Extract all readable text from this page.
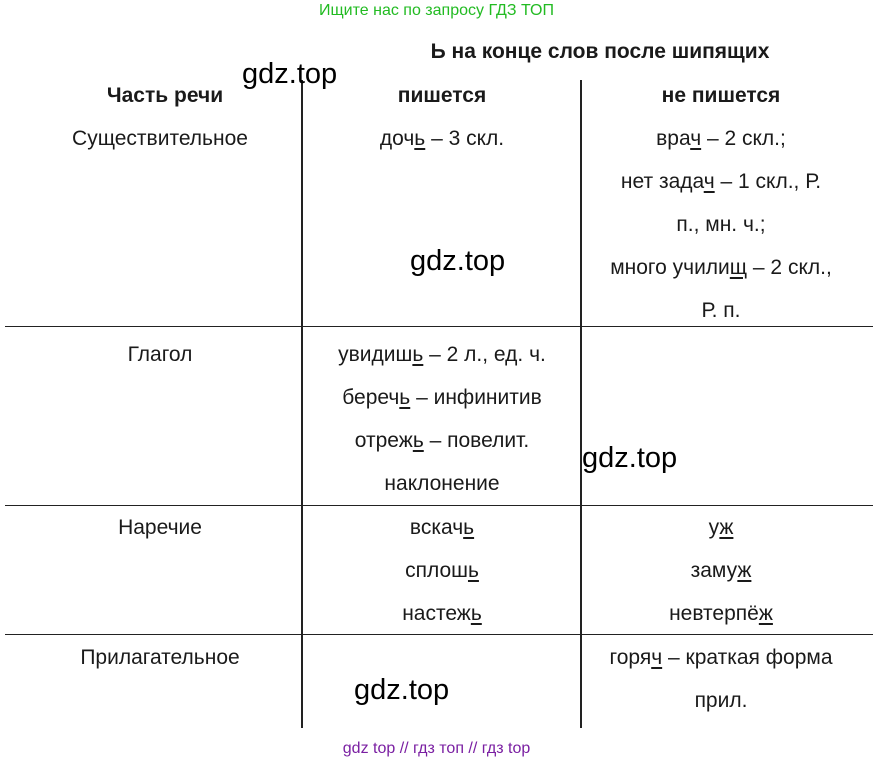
Ищите нас по запросу ГДЗ ТОП
Ь на конце слов после шипящих
Часть речи	пишется	не пишется
Существительное
Глагол
Наречие
Прилагательное
дочь – 3 скл.
увидишь – 2 л., ед. ч.
беречь – инфинитив
отрежь – повелит.
наклонение
вскачь
сплошь
настежь
врач – 2 скл.;
нет задач – 1 скл., Р.
п., мн. ч.;
много училищ – 2 скл.,
Р. п.
уж
замуж
невтерпёж
горяч – краткая форма
прил.
gdz.top
gdz.top
gdz.top
gdz.top
gdz top // гдз топ // гдз top
